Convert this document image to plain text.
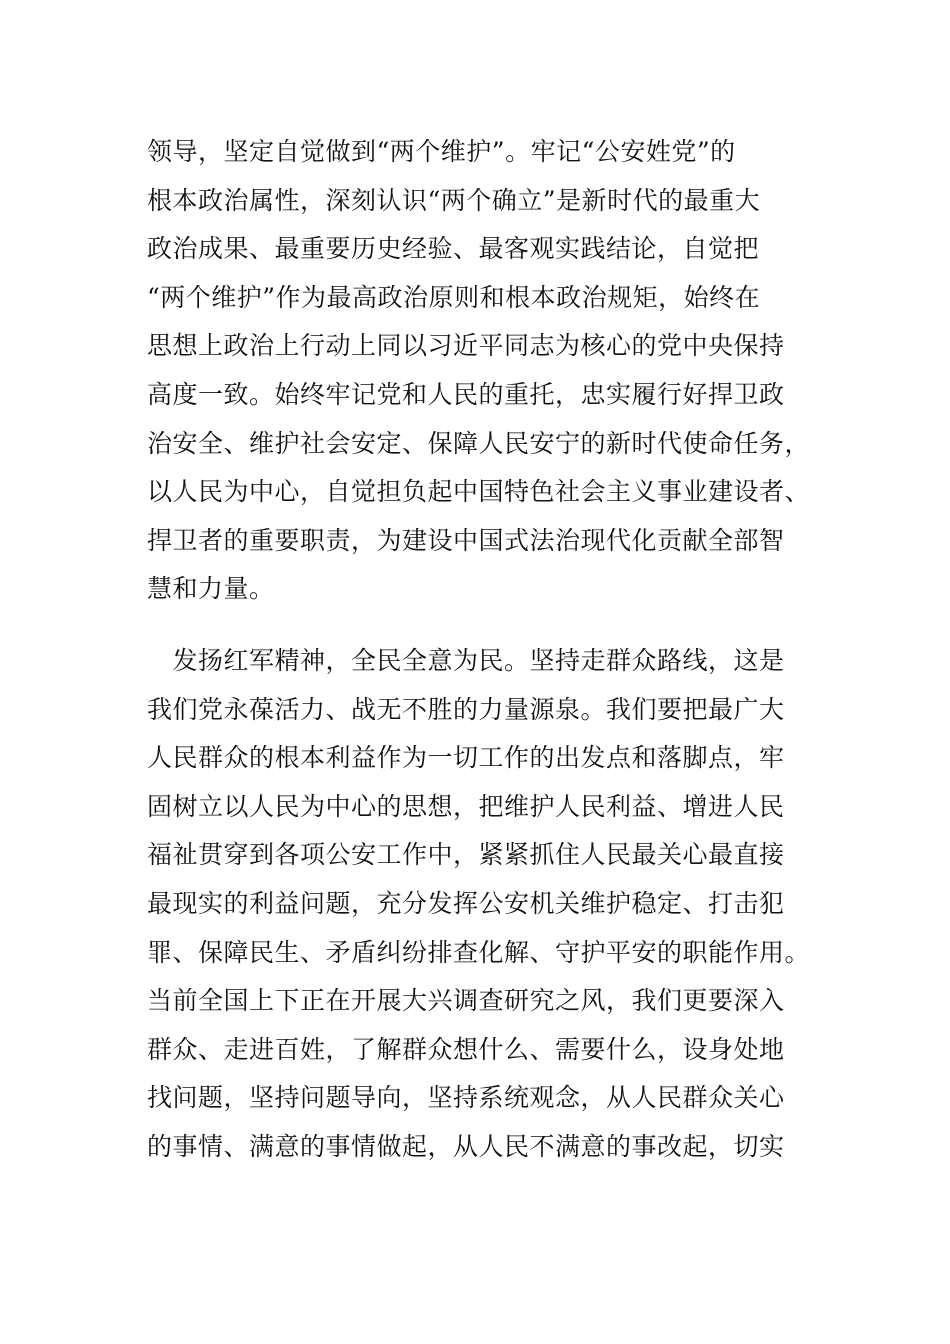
领导，坚定自觉做到“两个维护”。牢记“公安姓党”的
根本政治属性，深刻认识“两个确立”是新时代的最重大
政治成果、最重要历史经验、最客观实践结论，自觉把
“两个维护”作为最高政治原则和根本政治规矩，始终在
思想上政治上行动上同以习近平同志为核心的党中央保持
高度一致。始终牢记党和人民的重托，忠实履行好捍卫政
治安全、维护社会安定、保障人民安宁的新时代使命任务，
以人民为中心，自觉担负起中国特色社会主义事业建设者、
捍卫者的重要职责，为建设中国式法治现代化贡献全部智
慧和力量。
　发扬红军精神，全民全意为民。坚持走群众路线，这是
我们党永葆活力、战无不胜的力量源泉。我们要把最广大
人民群众的根本利益作为一切工作的出发点和落脚点，牢
固树立以人民为中心的思想，把维护人民利益、增进人民
福祉贯穿到各项公安工作中，紧紧抓住人民最关心最直接
最现实的利益问题，充分发挥公安机关维护稳定、打击犯
罪、保障民生、矛盾纠纷排查化解、守护平安的职能作用。
当前全国上下正在开展大兴调查研究之风，我们更要深入
群众、走进百姓，了解群众想什么、需要什么，设身处地
找问题，坚持问题导向，坚持系统观念，从人民群众关心
的事情、满意的事情做起，从人民不满意的事改起，切实
